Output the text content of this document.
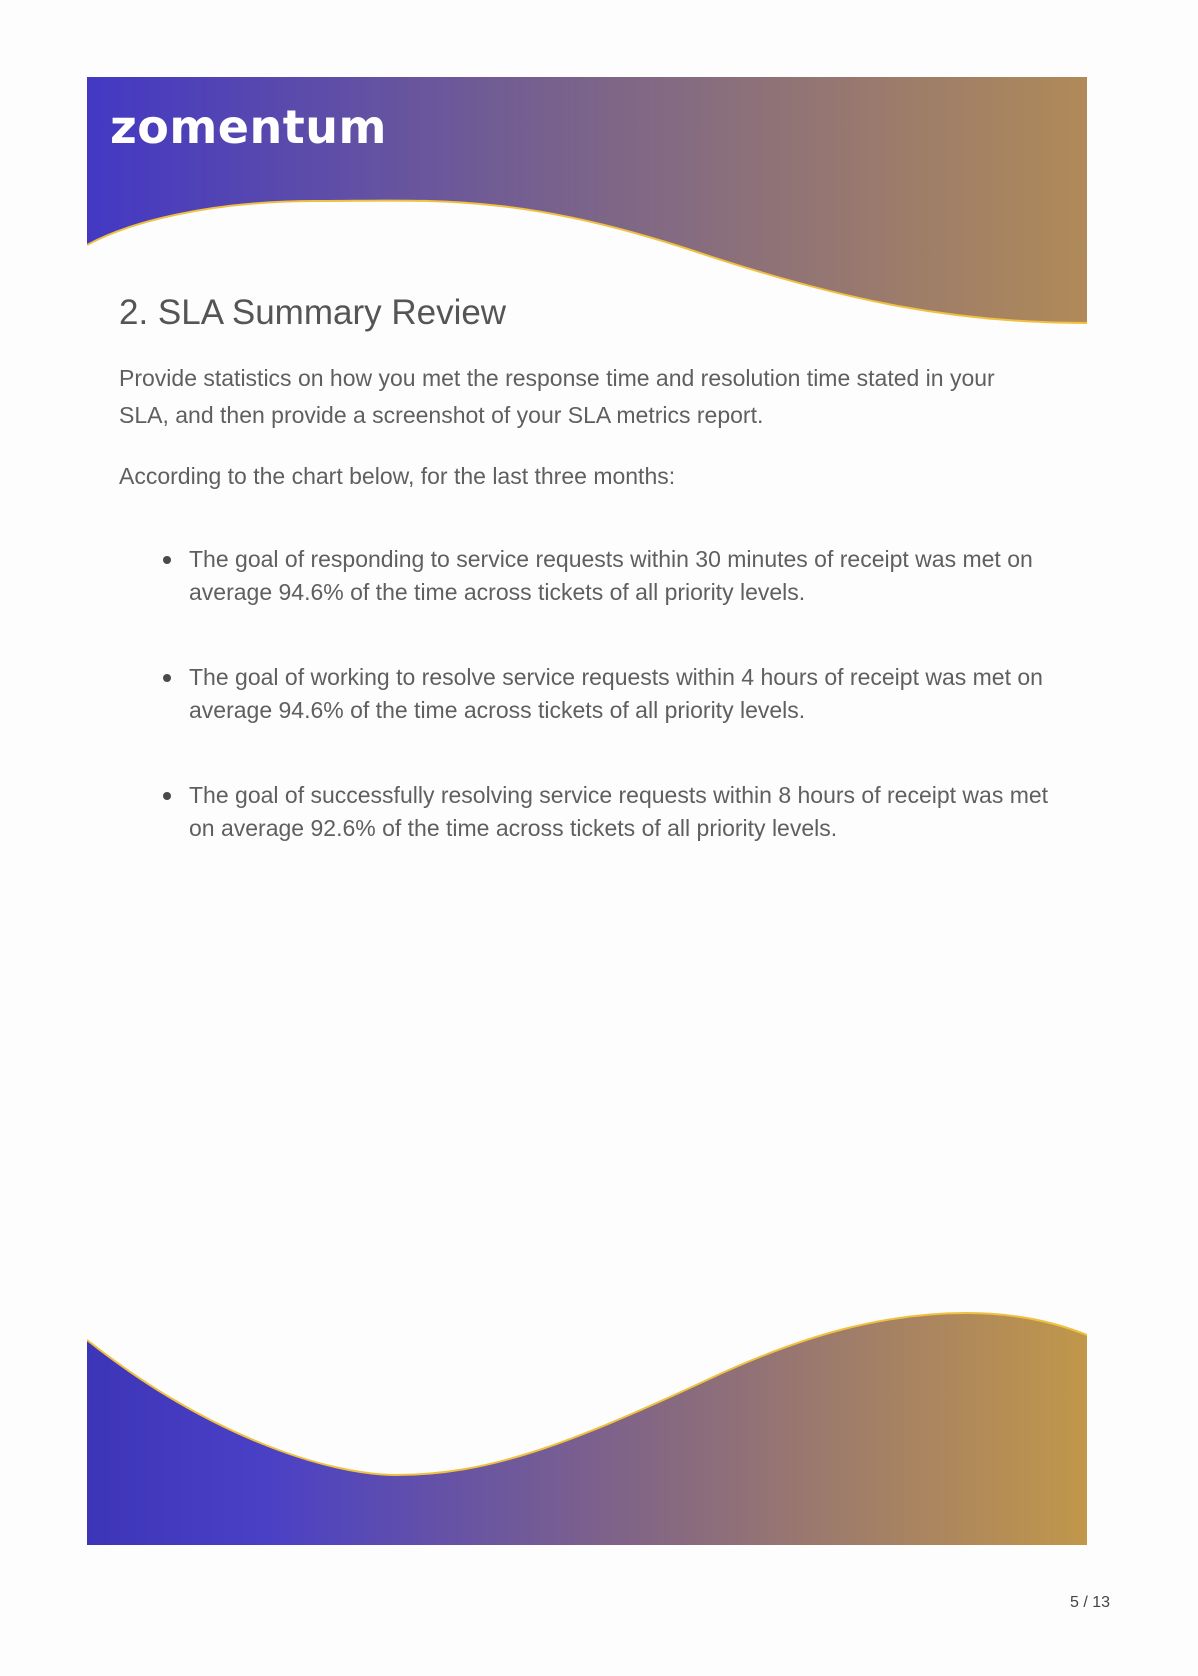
zomentum
2. SLA Summary Review

Provide statistics on how you met the response time and resolution time stated in your SLA, and then provide a screenshot of your SLA metrics report.

According to the chart below, for the last three months:

The goal of responding to service requests within 30 minutes of receipt was met on average 94.6% of the time across tickets of all priority levels.
The goal of working to resolve service requests within 4 hours of receipt was met on average 94.6% of the time across tickets of all priority levels.
The goal of successfully resolving service requests within 8 hours of receipt was met on average 92.6% of the time across tickets of all priority levels.
5 / 13
